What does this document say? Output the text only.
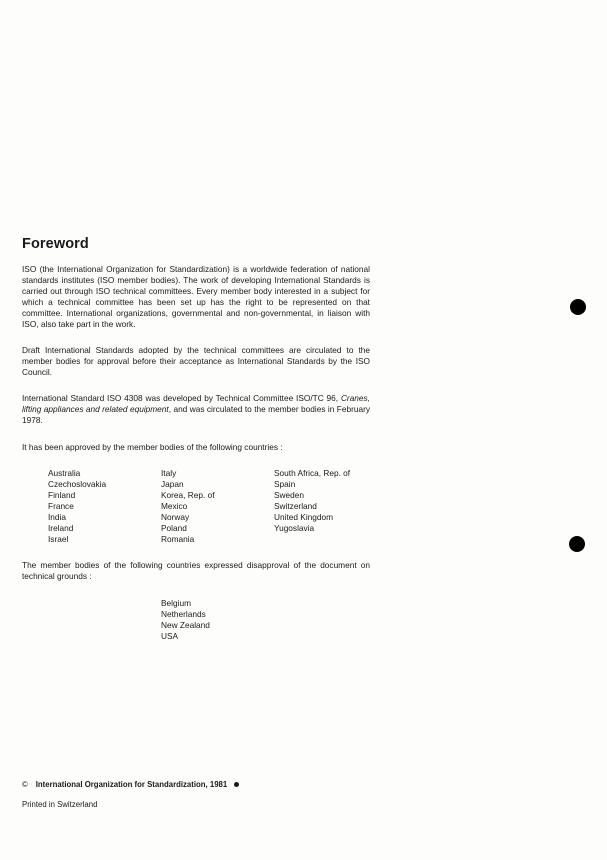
Foreword

ISO (the International Organization for Standardization) is a worldwide federation of national standards institutes (ISO member bodies). The work of developing International Standards is carried out through ISO technical committees. Every member body interested in a subject for which a technical committee has been set up has the right to be represented on that committee. International organizations, governmental and non-governmental, in liaison with ISO, also take part in the work.

Draft International Standards adopted by the technical committees are circulated to the member bodies for approval before their acceptance as International Standards by the ISO Council.

International Standard ISO 4308 was developed by Technical Committee ISO/TC 96, Cranes, lifting appliances and related equipment, and was circulated to the member bodies in February 1978.

It has been approved by the member bodies of the following countries :

Australia
Czechoslovakia
Finland
France
India
Ireland
Israel
Italy
Japan
Korea, Rep. of
Mexico
Norway
Poland
Romania
South Africa, Rep. of
Spain
Sweden
Switzerland
United Kingdom
Yugoslavia

The member bodies of the following countries expressed disapproval of the document on technical grounds :

Belgium
Netherlands
New Zealand
USA
© International Organization for Standardization, 1981
Printed in Switzerland
